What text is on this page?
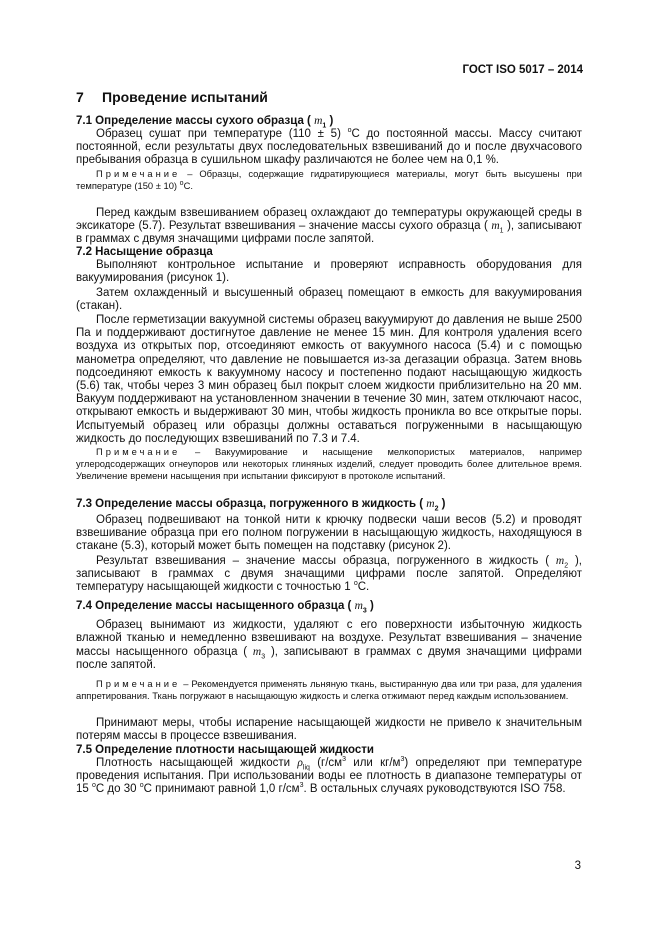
ГОСТ ISO 5017 – 2014
7 Проведение испытаний
7.1 Определение массы сухого образца ( $m_1$ )

Образец сушат при температуре (110 ± 5) $^o$С до постоянной массы. Массу считают постоянной, если результаты двух последовательных взвешиваний до и после двухчасового пребывания образца в сушильном шкафу различаются не более чем на 0,1 %.

Примечание – Образцы, содержащие гидратирующиеся материалы, могут быть высушены при температуре (150 ± 10) $^o$С.

Перед каждым взвешиванием образец охлаждают до температуры окружающей среды в эксикаторе (5.7). Результат взвешивания – значение массы сухого образца ( $m_1$ ), записывают в граммах с двумя значащими цифрами после запятой.

7.2 Насыщение образца

Выполняют контрольное испытание и проверяют исправность оборудования для вакуумирования (рисунок 1).

Затем охлажденный и высушенный образец помещают в емкость для вакуумирования (стакан).

После герметизации вакуумной системы образец вакуумируют до давления не выше 2500 Па и поддерживают достигнутое давление не менее 15 мин. Для контроля удаления всего воздуха из открытых пор, отсоединяют емкость от вакуумного насоса (5.4) и с помощью манометра определяют, что давление не повышается из-за дегазации образца. Затем вновь подсоединяют емкость к вакуумному насосу и постепенно подают насыщающую жидкость (5.6) так, чтобы через 3 мин образец был покрыт слоем жидкости приблизительно на 20 мм. Вакуум поддерживают на установленном значении в течение 30 мин, затем отключают насос, открывают емкость и выдерживают 30 мин, чтобы жидкость проникла во все открытые поры. Испытуемый образец или образцы должны оставаться погруженными в насыщающую жидкость до последующих взвешиваний по 7.3 и 7.4.

Примечание – Вакуумирование и насыщение мелкопористых материалов, например углеродсодержащих огнеупоров или некоторых глиняных изделий, следует проводить более длительное время. Увеличение времени насыщения при испытании фиксируют в протоколе испытаний.

7.3 Определение массы образца, погруженного в жидкость ( $m_2$ )

Образец подвешивают на тонкой нити к крючку подвески чаши весов (5.2) и проводят взвешивание образца при его полном погружении в насыщающую жидкость, находящуюся в стакане (5.3), который может быть помещен на подставку (рисунок 2).

Результат взвешивания – значение массы образца, погруженного в жидкость ( $m_2$ ), записывают в граммах с двумя значащими цифрами после запятой. Определяют температуру насыщающей жидкости с точностью 1 $^o$С.

7.4 Определение массы насыщенного образца ( $m_3$ )

Образец вынимают из жидкости, удаляют с его поверхности избыточную жидкость влажной тканью и немедленно взвешивают на воздухе. Результат взвешивания – значение массы насыщенного образца ( $m_3$ ), записывают в граммах с двумя значащими цифрами после запятой.

Примечание – Рекомендуется применять льняную ткань, выстиранную два или три раза, для удаления аппретирования. Ткань погружают в насыщающую жидкость и слегка отжимают перед каждым использованием.

Принимают меры, чтобы испарение насыщающей жидкости не привело к значительным потерям массы в процессе взвешивания.

7.5 Определение плотности насыщающей жидкости

Плотность насыщающей жидкости $\rho_{liq}$ ($г/см^3$ или $кг/м^3$) определяют при температуре проведения испытания. При использовании воды ее плотность в диапазоне температуры от 15 $^o$С до 30 $^o$С принимают равной 1,0 $г/см^3$. В остальных случаях руководствуются ISO 758.

3
